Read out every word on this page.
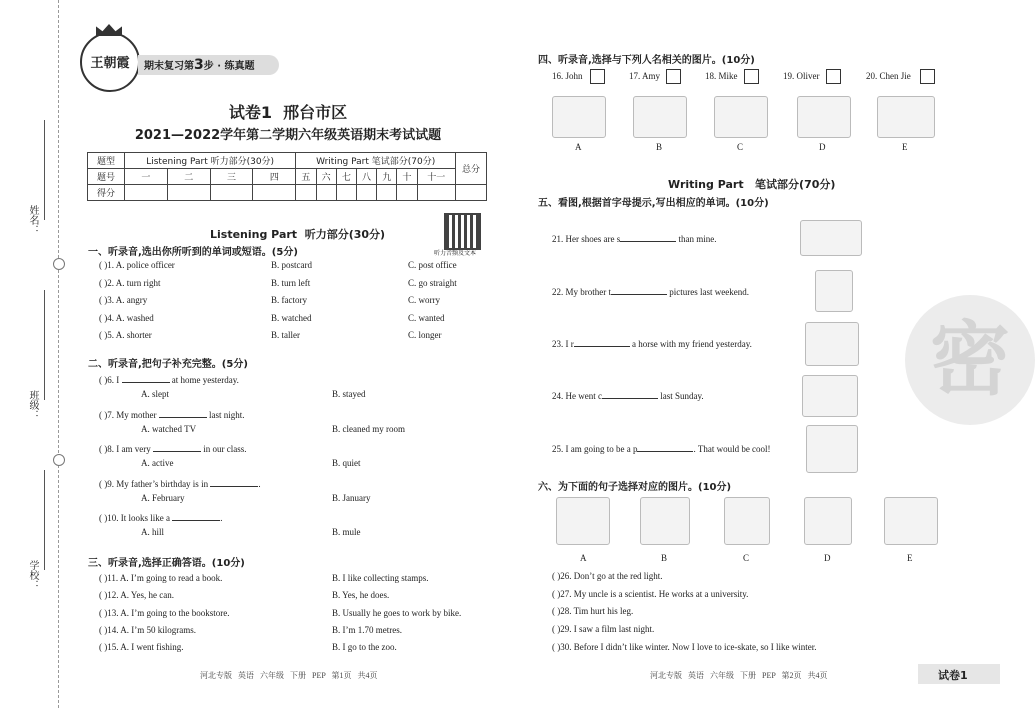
姓名：
班级：
学校：
王朝霞	期末复习第3步 · 练真题
试卷1  邢台市区
2021—2022学年第二学期六年级英语期末考试试题
题型	Listening Part 听力部分(30分)				Writing Part 笔试部分(70分)							总分
题号	一	二	三	四	五	六	七	八	九	十	十一	
得分												
Listening Part  听力部分(30分)
听力音频及文本
一、听录音,选出你所听到的单词或短语。(5分)
( )1. A. police officer	B. postcard	C. post office
( )2. A. turn right	B. turn left	C. go straight
( )3. A. angry	B. factory	C. worry
( )4. A. washed	B. watched	C. wanted
( )5. A. shorter	B. taller	C. longer
二、听录音,把句子补充完整。(5分)
( )6. I	at home yesterday.
A. slept	B. stayed
( )7. My mother	last night.
A. watched TV	B. cleaned my room
( )8. I am very	in our class.
A. active	B. quiet
( )9. My father’s birthday is in	.
A. February	B. January
( )10. It looks like a	.
A. hill	B. mule
三、听录音,选择正确答语。(10分)
( )11. A. I’m going to read a book.	B. I like collecting stamps.
( )12. A. Yes, he can.	B. Yes, he does.
( )13. A. I’m going to the bookstore.	B. Usually he goes to work by bike.
( )14. A. I’m 50 kilograms.	B. I’m 1.70 metres.
( )15. A. I went fishing.	B. I go to the zoo.
河北专版   英语   六年级   下册   PEP   第1页   共4页
四、听录音,选择与下列人名相关的图片。(10分)
16. John	17. Amy	18. Mike	19. Oliver	20. Chen Jie
A	B	C	D	E
Writing Part   笔试部分(70分)
五、看图,根据首字母提示,写出相应的单词。(10分)
21. Her shoes are s	than mine.
22. My brother t	pictures last weekend.
23. I r	a horse with my friend yesterday.
24. He went c	last Sunday.
25. I am going to be a p	. That would be cool!
密
六、为下面的句子选择对应的图片。(10分)
A	B	C	D	E
( )26. Don’t go at the red light.
( )27. My uncle is a scientist. He works at a university.
( )28. Tim hurt his leg.
( )29. I saw a film last night.
( )30. Before I didn’t like winter. Now I love to ice-skate, so I like winter.
河北专版   英语   六年级   下册   PEP   第2页   共4页	试卷1
